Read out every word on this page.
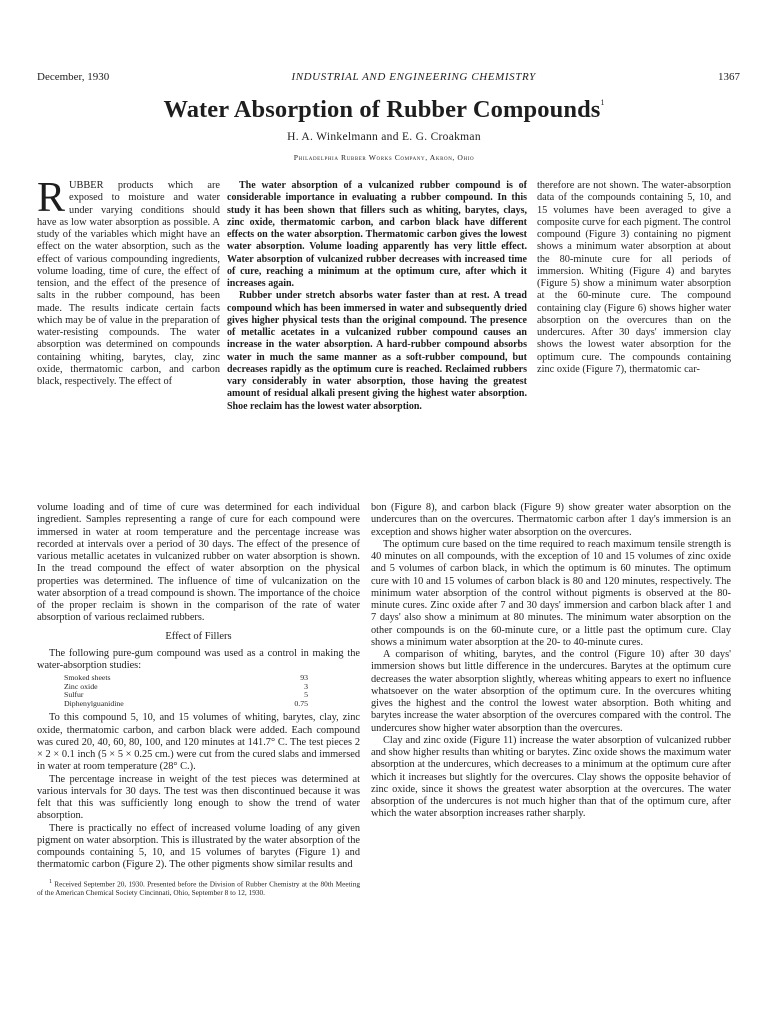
December, 1930	INDUSTRIAL AND ENGINEERING CHEMISTRY	1367
Water Absorption of Rubber Compounds$^1$
H. A. Winkelmann and E. G. Croakman
Philadelphia Rubber Works Company, Akron, Ohio

RUBBER products which are exposed to moisture and water under varying conditions should have as low water absorption as possible. A study of the variables which might have an effect on the water absorption, such as the effect of various compounding ingredients, volume loading, time of cure, the effect of tension, and the effect of the presence of salts in the rubber compound, has been made. The results indicate certain facts which may be of value in the preparation of water-resisting compounds. The water absorption was determined on compounds containing whiting, barytes, clay, zinc oxide, thermatomic carbon, and carbon black, respectively. The effect of

The water absorption of a vulcanized rubber compound is of considerable importance in evaluating a rubber compound. In this study it has been shown that fillers such as whiting, barytes, clays, zinc oxide, thermatomic carbon, and carbon black have different effects on the water absorption. Thermatomic carbon gives the lowest water absorption. Volume loading apparently has very little effect. Water absorption of vulcanized rubber decreases with increased time of cure, reaching a minimum at the optimum cure, after which it increases again.

Rubber under stretch absorbs water faster than at rest. A tread compound which has been immersed in water and subsequently dried gives higher physical tests than the original compound. The presence of metallic acetates in a vulcanized rubber compound causes an increase in the water absorption. A hard-rubber compound absorbs water in much the same manner as a soft-rubber compound, but decreases rapidly as the optimum cure is reached. Reclaimed rubbers vary considerably in water absorption, those having the greatest amount of residual alkali present giving the highest water absorption. Shoe reclaim has the lowest water absorption.

therefore are not shown. The water-absorption data of the compounds containing 5, 10, and 15 volumes have been averaged to give a composite curve for each pigment. The control compound (Figure 3) containing no pigment shows a minimum water absorption at about the 80-minute cure for all periods of immersion. Whiting (Figure 4) and barytes (Figure 5) show a minimum water absorption at the 60-minute cure. The compound containing clay (Figure 6) shows higher water absorption on the overcures than on the undercures. After 30 days' immersion clay shows the lowest water absorption for the optimum cure. The compounds containing zinc oxide (Figure 7), thermatomic car-

volume loading and of time of cure was determined for each individual ingredient. Samples representing a range of cure for each compound were immersed in water at room temperature and the percentage increase was recorded at intervals over a period of 30 days. The effect of the presence of various metallic acetates in vulcanized rubber on water absorption is shown. In the tread compound the effect of water absorption on the physical properties was determined. The influence of time of vulcanization on the water absorption of a tread compound is shown. The importance of the choice of the proper reclaim is shown in the comparison of the rate of water absorption of various reclaimed rubbers.

Effect of Fillers

The following pure-gum compound was used as a control in making the water-absorption studies:

Smoked sheets	93
Zinc oxide	3
Sulfur	5
Diphenylguanidine	0.75

To this compound 5, 10, and 15 volumes of whiting, barytes, clay, zinc oxide, thermatomic carbon, and carbon black were added. Each compound was cured 20, 40, 60, 80, 100, and 120 minutes at 141.7° C. The test pieces 2 × 2 × 0.1 inch (5 × 5 × 0.25 cm.) were cut from the cured slabs and immersed in water at room temperature (28° C.).

The percentage increase in weight of the test pieces was determined at various intervals for 30 days. The test was then discontinued because it was felt that this was sufficiently long enough to show the trend of water absorption.

There is practically no effect of increased volume loading of any given pigment on water absorption. This is illustrated by the water absorption of the compounds containing 5, 10, and 15 volumes of barytes (Figure 1) and thermatomic carbon (Figure 2). The other pigments show similar results and

$^1$ Received September 20, 1930. Presented before the Division of Rubber Chemistry at the 80th Meeting of the American Chemical Society Cincinnati, Ohio, September 8 to 12, 1930.

bon (Figure 8), and carbon black (Figure 9) show greater water absorption on the undercures than on the overcures. Thermatomic carbon after 1 day's immersion is an exception and shows higher water absorption on the overcures.

The optimum cure based on the time required to reach maximum tensile strength is 40 minutes on all compounds, with the exception of 10 and 15 volumes of zinc oxide and 5 volumes of carbon black, in which the optimum is 60 minutes. The optimum cure with 10 and 15 volumes of carbon black is 80 and 120 minutes, respectively. The minimum water absorption of the control without pigments is observed at the 80-minute cures. Zinc oxide after 7 and 30 days' immersion and carbon black after 1 and 7 days' also show a minimum at 80 minutes. The minimum water absorption on the other compounds is on the 60-minute cure, or a little past the optimum cure. Clay shows a minimum water absorption at the 20- to 40-minute cures.

A comparison of whiting, barytes, and the control (Figure 10) after 30 days' immersion shows but little difference in the undercures. Barytes at the optimum cure decreases the water absorption slightly, whereas whiting appears to exert no influence whatsoever on the water absorption of the optimum cure. In the overcures whiting gives the highest and the control the lowest water absorption. Both whiting and barytes increase the water absorption of the overcures compared with the control. The undercures show higher water absorption than the overcures.

Clay and zinc oxide (Figure 11) increase the water absorption of vulcanized rubber and show higher results than whiting or barytes. Zinc oxide shows the maximum water absorption at the undercures, which decreases to a minimum at the optimum cure after which it increases but slightly for the overcures. Clay shows the opposite behavior of zinc oxide, since it shows the greatest water absorption at the overcures. The water absorption of the undercures is not much higher than that of the optimum cure, after which the water absorption increases rather sharply.
